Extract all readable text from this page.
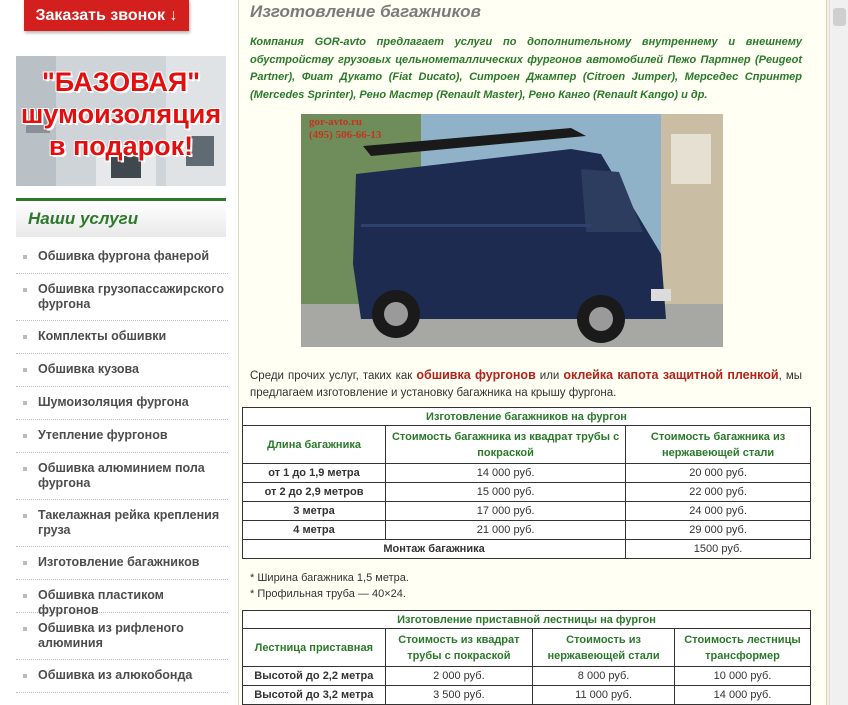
Заказать звонок ↓
"БАЗОВАЯ"
шумоизоляция
в подарок!
Наши услуги
Обшивка фургона фанерой
Обшивка грузопассажирского фургона
Комплекты обшивки
Обшивка кузова
Шумоизоляция фургона
Утепление фургонов
Обшивка алюминием пола фургона
Такелажная рейка крепления груза
Изготовление багажников
Обшивка пластиком фургонов
Обшивка из рифленого алюминия
Обшивка из алюкобонда
Изготовление багажников
Компания GOR-avto предлагает услуги по дополнительному внутреннему и внешнему обустройству грузовых цельнометаллических фургонов автомобилей Пежо Партнер (Peugeot Partner), Фиат Дукато (Fiat Ducato), Ситроен Джампер (Citroen Jumper), Мерседес Спринтер (Mercedes Sprinter), Рено Мастер (Renault Master), Рено Канго (Renault Kango) и др.
gor-avto.ru
(495) 506-66-13
Среди прочих услуг, таких как обшивка фургонов или оклейка капота защитной пленкой, мы предлагаем изготовление и установку багажника на крышу фургона.
Изготовление багажников на фургон		
Длина багажника	Стоимость багажника из квадрат трубы с покраской	Стоимость багажника из нержавеющей стали
от 1 до 1,9 метра	14 000 руб.	20 000 руб.
от 2 до 2,9 метров	15 000 руб.	22 000 руб.
3 метра	17 000 руб.	24 000 руб.
4 метра	21 000 руб.	29 000 руб.
Монтаж багажника		1500 руб.
* Ширина багажника 1,5 метра.
* Профильная труба — 40×24.
Изготовление приставной лестницы на фургон			
Лестница приставная	Стоимость из квадрат трубы с покраской	Стоимость из нержавеющей стали	Стоимость лестницы трансформер
Высотой до 2,2 метра	2 000 руб.	8 000 руб.	10 000 руб.
Высотой до 3,2 метра	3 500 руб.	11 000 руб.	14 000 руб.
